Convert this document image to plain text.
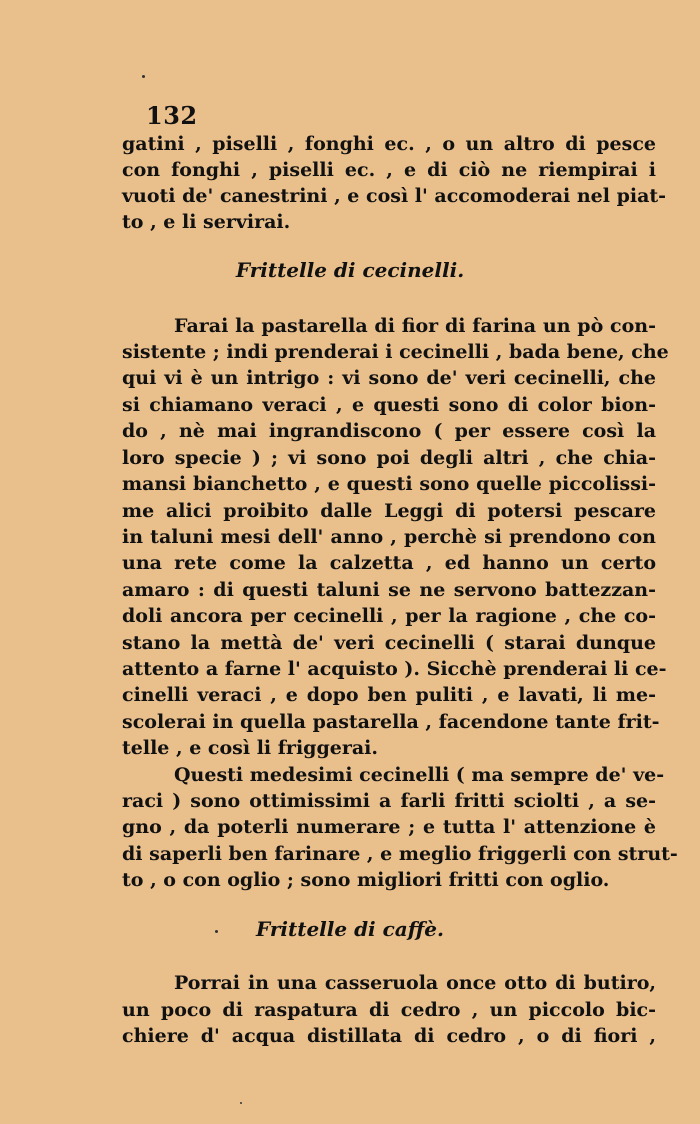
132
gatini , piselli , fonghi ec. , o un altro di pesce
con fonghi , piselli ec. , e di ciò ne riempirai i
vuoti de' canestrini , e così l' accomoderai nel piat-
to , e li servirai.
Frittelle di cecinelli.
Farai la pastarella di fior di farina un pò con-
sistente ; indi prenderai i cecinelli , bada bene, che
qui vi è un intrigo : vi sono de' veri cecinelli, che
si chiamano veraci , e questi sono di color bion-
do , nè mai ingrandiscono ( per essere così la
loro specie ) ; vi sono poi degli altri , che chia-
mansi bianchetto , e questi sono quelle piccolissi-
me alici proibito dalle Leggi di potersi pescare
in taluni mesi dell' anno , perchè si prendono con
una rete come la calzetta , ed hanno un certo
amaro : di questi taluni se ne servono battezzan-
doli ancora per cecinelli , per la ragione , che co-
stano la mettà de' veri cecinelli ( starai dunque
attento a farne l' acquisto ). Sicchè prenderai li ce-
cinelli veraci , e dopo ben puliti , e lavati, li me-
scolerai in quella pastarella , facendone tante frit-
telle , e così li friggerai.
Questi medesimi cecinelli ( ma sempre de' ve-
raci ) sono ottimissimi a farli fritti sciolti , a se-
gno , da poterli numerare ; e tutta l' attenzione è
di saperli ben farinare , e meglio friggerli con strut-
to , o con oglio ; sono migliori fritti con oglio.
Frittelle di caffè.
Porrai in una casseruola once otto di butiro,
un poco di raspatura di cedro , un piccolo bic-
chiere d' acqua distillata di cedro , o di fiori ,
